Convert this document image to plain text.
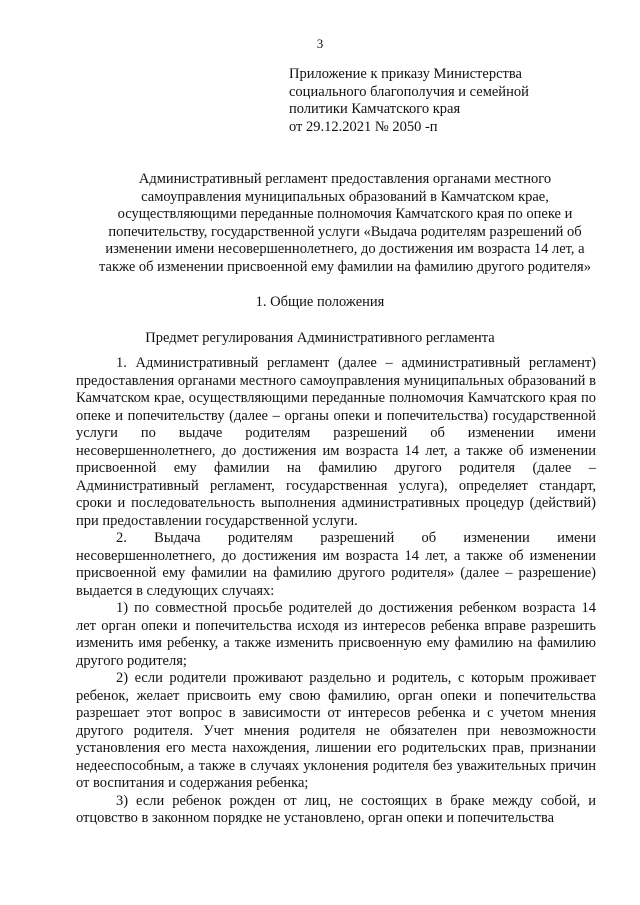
3
Приложение к приказу Министерства
социального благополучия и семейной
политики Камчатского края
от 29.12.2021 № 2050 -п
Административный регламент предоставления органами местного
самоуправления муниципальных образований в Камчатском крае,
осуществляющими переданные полномочия Камчатского края по опеке и
попечительству, государственной услуги «Выдача родителям разрешений об
изменении имени несовершеннолетнего, до достижения им возраста 14 лет, а
также об изменении присвоенной ему фамилии на фамилию другого родителя»
1. Общие положения
Предмет регулирования Административного регламента

1. Административный регламент (далее – административный регламент) предоставления органами местного самоуправления муниципальных образований в Камчатском крае, осуществляющими переданные полномочия Камчатского края по опеке и попечительству (далее – органы опеки и попечительства) государственной услуги по выдаче родителям разрешений об изменении имени несовершеннолетнего, до достижения им возраста 14 лет, а также об изменении присвоенной ему фамилии на фамилию другого родителя (далее – Административный регламент, государственная услуга), определяет стандарт, сроки и последовательность выполнения административных процедур (действий) при предоставлении государственной услуги.

2. Выдача родителям разрешений об изменении имени несовершеннолетнего, до достижения им возраста 14 лет, а также об изменении присвоенной ему фамилии на фамилию другого родителя» (далее – разрешение) выдается в следующих случаях:

1) по совместной просьбе родителей до достижения ребенком возраста 14 лет орган опеки и попечительства исходя из интересов ребенка вправе разрешить изменить имя ребенку, а также изменить присвоенную ему фамилию на фамилию другого родителя;

2) если родители проживают раздельно и родитель, с которым проживает ребенок, желает присвоить ему свою фамилию, орган опеки и попечительства разрешает этот вопрос в зависимости от интересов ребенка и с учетом мнения другого родителя. Учет мнения родителя не обязателен при невозможности установления его места нахождения, лишении его родительских прав, признании недееспособным, а также в случаях уклонения родителя без уважительных причин от воспитания и содержания ребенка;

3) если ребенок рожден от лиц, не состоящих в браке между собой, и отцовство в законном порядке не установлено, орган опеки и попечительства
